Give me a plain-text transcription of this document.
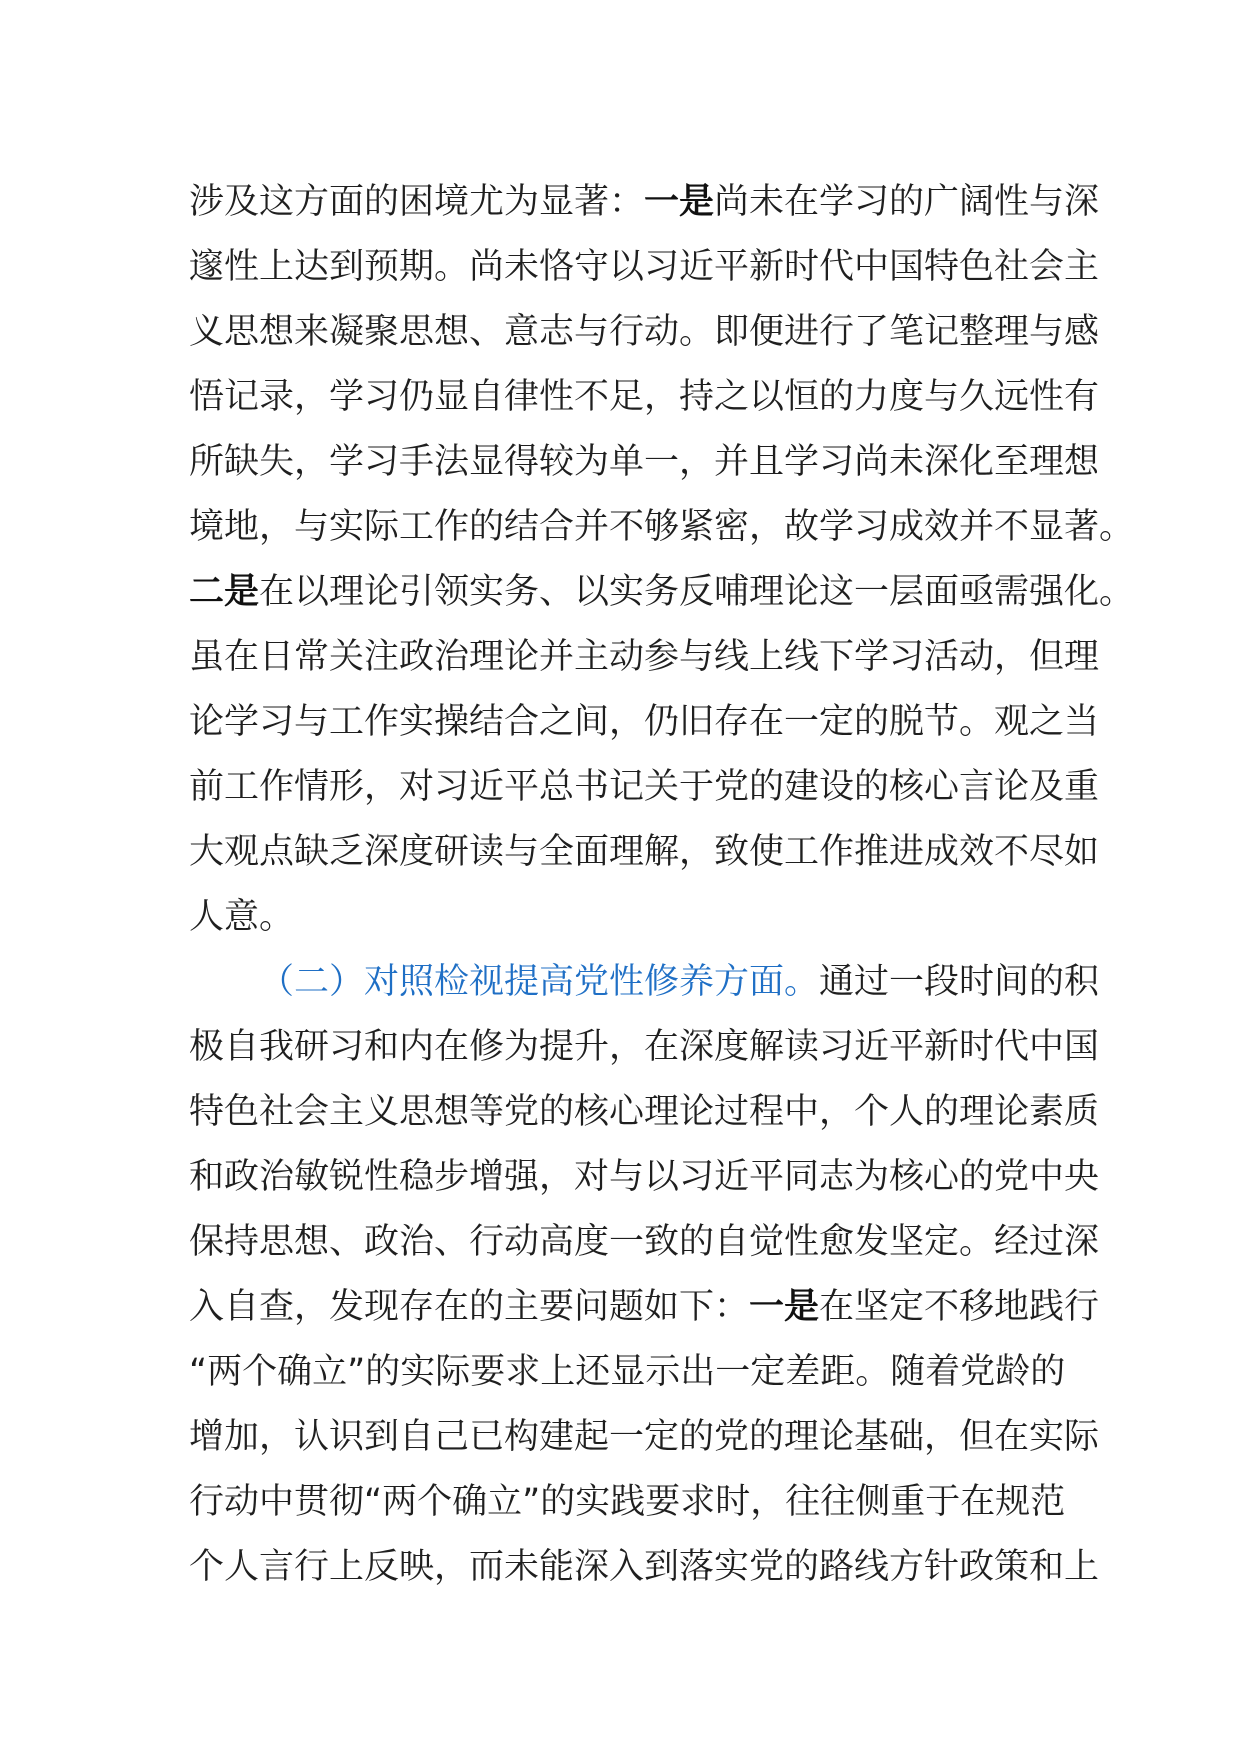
涉及这方面的困境尤为显著：一是尚未在学习的广阔性与深
邃性上达到预期。尚未恪守以习近平新时代中国特色社会主
义思想来凝聚思想、意志与行动。即便进行了笔记整理与感
悟记录，学习仍显自律性不足，持之以恒的力度与久远性有
所缺失，学习手法显得较为单一，并且学习尚未深化至理想
境地，与实际工作的结合并不够紧密，故学习成效并不显著。
二是在以理论引领实务、以实务反哺理论这一层面亟需强化。
虽在日常关注政治理论并主动参与线上线下学习活动，但理
论学习与工作实操结合之间，仍旧存在一定的脱节。观之当
前工作情形，对习近平总书记关于党的建设的核心言论及重
大观点缺乏深度研读与全面理解，致使工作推进成效不尽如
人意。
（二）对照检视提高党性修养方面。通过一段时间的积
极自我研习和内在修为提升，在深度解读习近平新时代中国
特色社会主义思想等党的核心理论过程中，个人的理论素质
和政治敏锐性稳步增强，对与以习近平同志为核心的党中央
保持思想、政治、行动高度一致的自觉性愈发坚定。经过深
入自查，发现存在的主要问题如下：一是在坚定不移地践行
“两个确立”的实际要求上还显示出一定差距。随着党龄的
增加，认识到自己已构建起一定的党的理论基础，但在实际
行动中贯彻“两个确立”的实践要求时，往往侧重于在规范
个人言行上反映，而未能深入到落实党的路线方针政策和上
